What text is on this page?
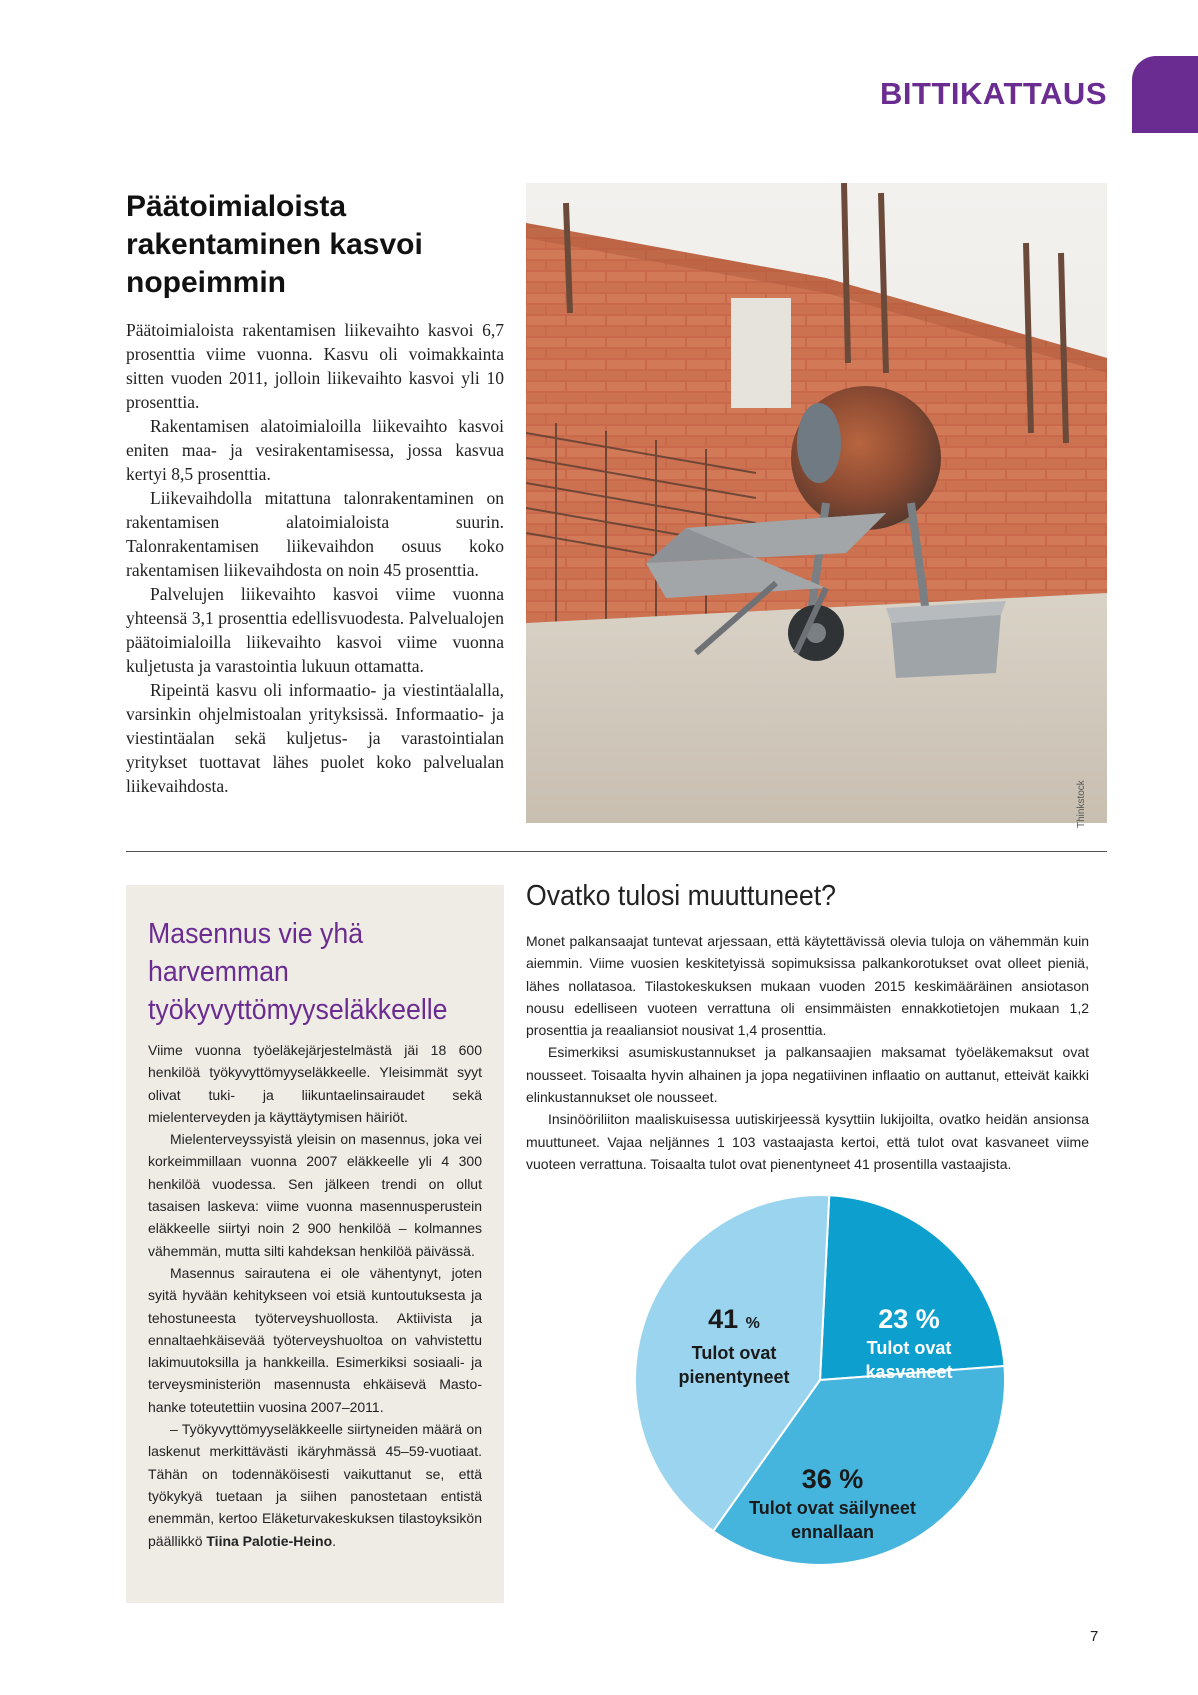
BITTIKATTAUS
Päätoimialoista rakentaminen kasvoi nopeimmin

Päätoimialoista rakentamisen liikevaihto kasvoi 6,7 prosenttia viime vuonna. Kasvu oli voimakkainta sitten vuoden 2011, jolloin liikevaihto kasvoi yli 10 prosenttia.

Rakentamisen alatoimialoilla liikevaihto kasvoi eniten maa- ja vesirakentamisessa, jossa kasvua kertyi 8,5 prosenttia.

Liikevaihdolla mitattuna talonrakentaminen on rakentamisen alatoimialoista suurin. Talonrakentamisen liikevaihdon osuus koko rakentamisen liikevaihdosta on noin 45 prosenttia.

Palvelujen liikevaihto kasvoi viime vuonna yhteensä 3,1 prosenttia edellisvuodesta. Palvelualojen päätoimialoilla liikevaihto kasvoi viime vuonna kuljetusta ja varastointia lukuun ottamatta.

Ripeintä kasvu oli informaatio- ja viestintäalalla, varsinkin ohjelmistoalan yrityksissä. Informaatio- ja viestintäalan sekä kuljetus- ja varastointialan yritykset tuottavat lähes puolet koko palvelualan liikevaihdosta.	Thinkstock
Masennus vie yhä harvemman työkyvyttömyyseläkkeelle

Viime vuonna työeläkejärjestelmästä jäi 18 600 henkilöä työkyvyttömyyseläkkeelle. Yleisimmät syyt olivat tuki- ja liikuntaelinsairaudet sekä mielenterveyden ja käyttäytymisen häiriöt.

Mielenterveyssyistä yleisin on masennus, joka vei korkeimmillaan vuonna 2007 eläkkeelle yli 4 300 henkilöä vuodessa. Sen jälkeen trendi on ollut tasaisen laskeva: viime vuonna masennusperustein eläkkeelle siirtyi noin 2 900 henkilöä – kolmannes vähemmän, mutta silti kahdeksan henkilöä päivässä.

Masennus sairautena ei ole vähentynyt, joten syitä hyvään kehitykseen voi etsiä kuntoutuksesta ja tehostuneesta työterveyshuollosta. Aktiivista ja ennaltaehkäisevää työterveyshuoltoa on vahvistettu lakimuutoksilla ja hankkeilla. Esimerkiksi sosiaali- ja terveysministeriön masennusta ehkäisevä Masto-hanke toteutettiin vuosina 2007–2011.

– Työkyvyttömyyseläkkeelle siirtyneiden määrä on laskenut merkittävästi ikäryhmässä 45–59-vuotiaat. Tähän on todennäköisesti vaikuttanut se, että työkykyä tuetaan ja siihen panostetaan entistä enemmän, kertoo Eläketurvakeskuksen tilastoyksikön päällikkö Tiina Palotie-Heino.

Ovatko tulosi muuttuneet?

Monet palkansaajat tuntevat arjessaan, että käytettävissä olevia tuloja on vähemmän kuin aiemmin. Viime vuosien keskitetyissä sopimuksissa palkankorotukset ovat olleet pieniä, lähes nollatasoa. Tilastokeskuksen mukaan vuoden 2015 keskimääräinen ansiotason nousu edelliseen vuoteen verrattuna oli ensimmäisten ennakkotietojen mukaan 1,2 prosenttia ja reaaliansiot nousivat 1,4 prosenttia.

Esimerkiksi asumiskustannukset ja palkansaajien maksamat työeläkemaksut ovat nousseet. Toisaalta hyvin alhainen ja jopa negatiivinen inflaatio on auttanut, etteivät kaikki elinkustannukset ole nousseet.

Insinööriliiton maaliskuisessa uutiskirjeessä kysyttiin lukijoilta, ovatko heidän ansionsa muuttuneet. Vajaa neljännes 1 103 vastaajasta kertoi, että tulot ovat kasvaneet viime vuoteen verrattuna. Toisaalta tulot ovat pienentyneet 41 prosentilla vastaajista.

23 %
Tulot ovat kasvaneet
36 %
Tulot ovat säilyneet ennallaan
41 %
Tulot ovat pienentyneet
7
